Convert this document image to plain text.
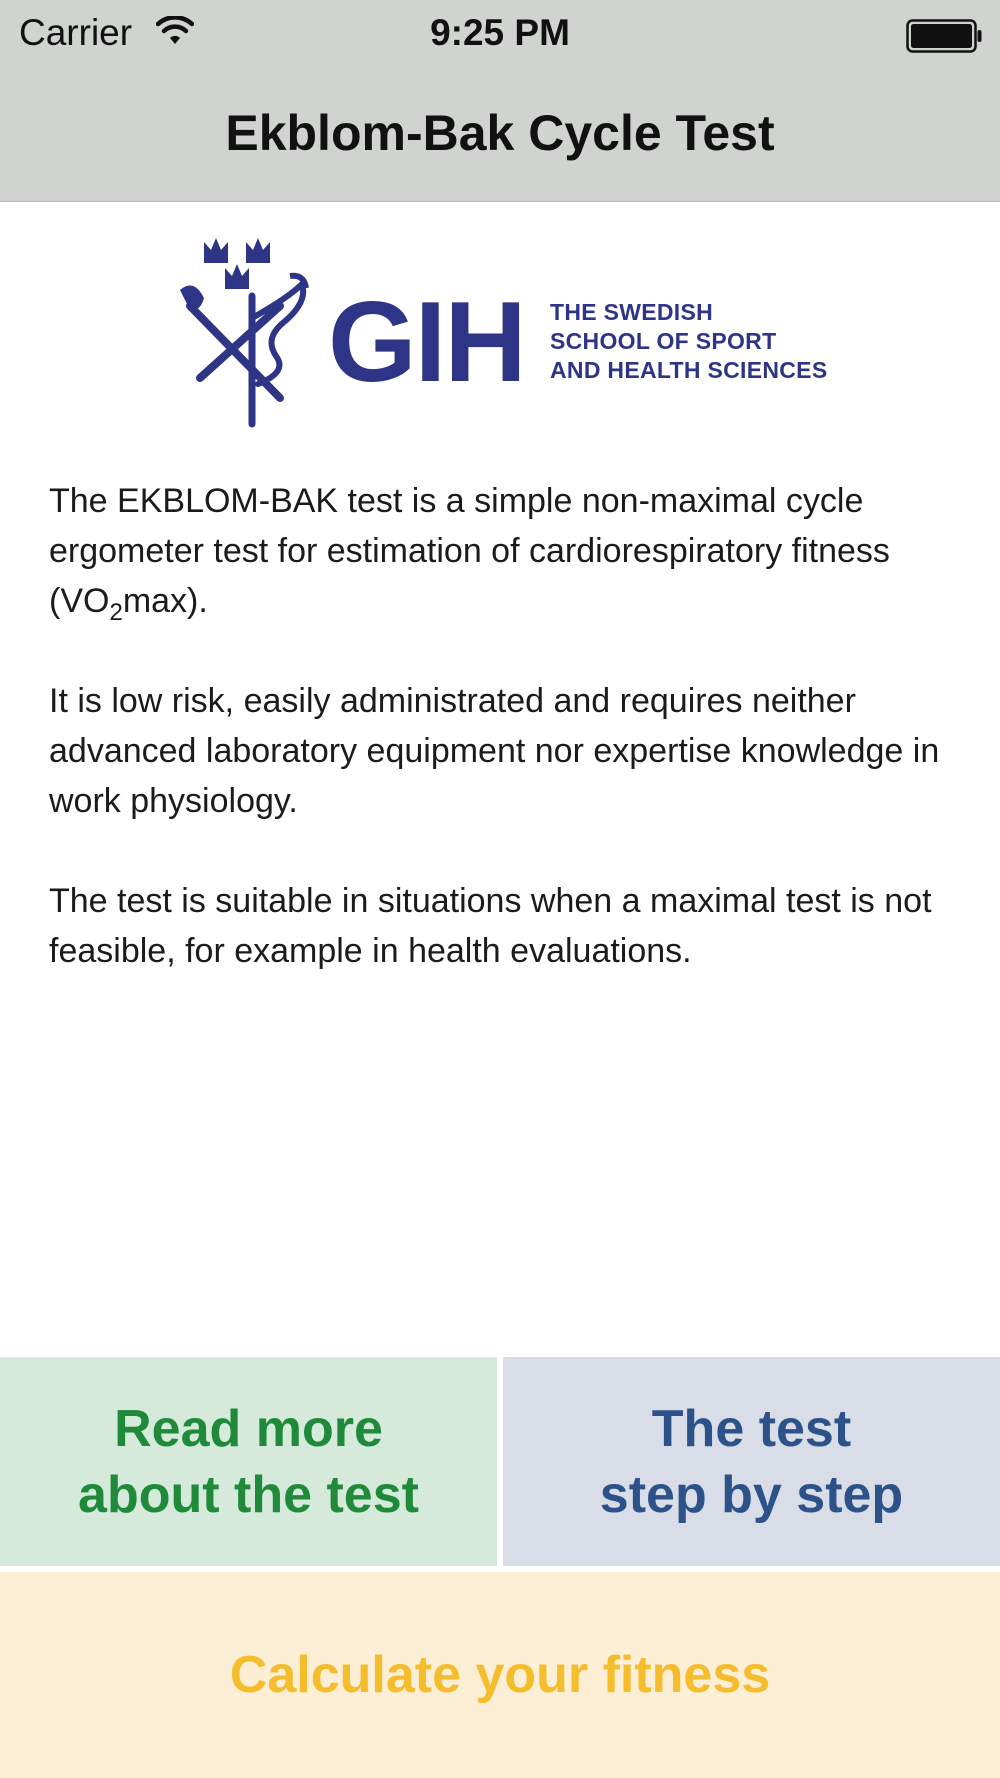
Carrier	9:25 PM
Ekblom-Bak Cycle Test
GIH THE SWEDISH
SCHOOL OF SPORT
AND HEALTH SCIENCES

The EKBLOM-BAK test is a simple non-maximal cycle ergometer test for estimation of cardiorespiratory fitness $(VO_2\max)$.

It is low risk, easily administrated and requires neither advanced laboratory equipment nor expertise knowledge in work physiology.

The test is suitable in situations when a maximal test is not feasible, for example in health evaluations.

Read more
about the test
The test
step by step
Calculate your fitness
